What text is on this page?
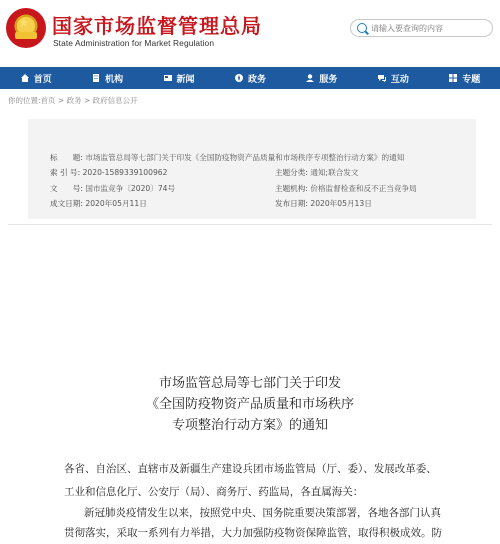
★ 国家市场监督管理总局
State Administration for Market Regulation
请输入要查询的内容
首页	机构	新闻	政务	服务	互动	专题
你的位置:首页 > 政务 > 政府信息公开
标　　题: 市场监管总局等七部门关于印发《全国防疫物资产品质量和市场秩序专项整治行动方案》的通知
索 引 号: 2020-1589339100962	主题分类: 通知;联合发文
文　　号: 国市监竞争〔2020〕74号	主题机构: 价格监督检查和反不正当竞争局
成文日期: 2020年05月11日	发布日期: 2020年05月13日
市场监管总局等七部门关于印发
《全国防疫物资产品质量和市场秩序
专项整治行动方案》的通知
各省、自治区、直辖市及新疆生产建设兵团市场监管局（厅、委）、发展改革委、
工业和信息化厅、公安厅（局）、商务厅、药监局，各直属海关：
新冠肺炎疫情发生以来，按照党中央、国务院重要决策部署，各地各部门认真
贯彻落实，采取一系列有力举措，大力加强防疫物资保障监管，取得积极成效。防
